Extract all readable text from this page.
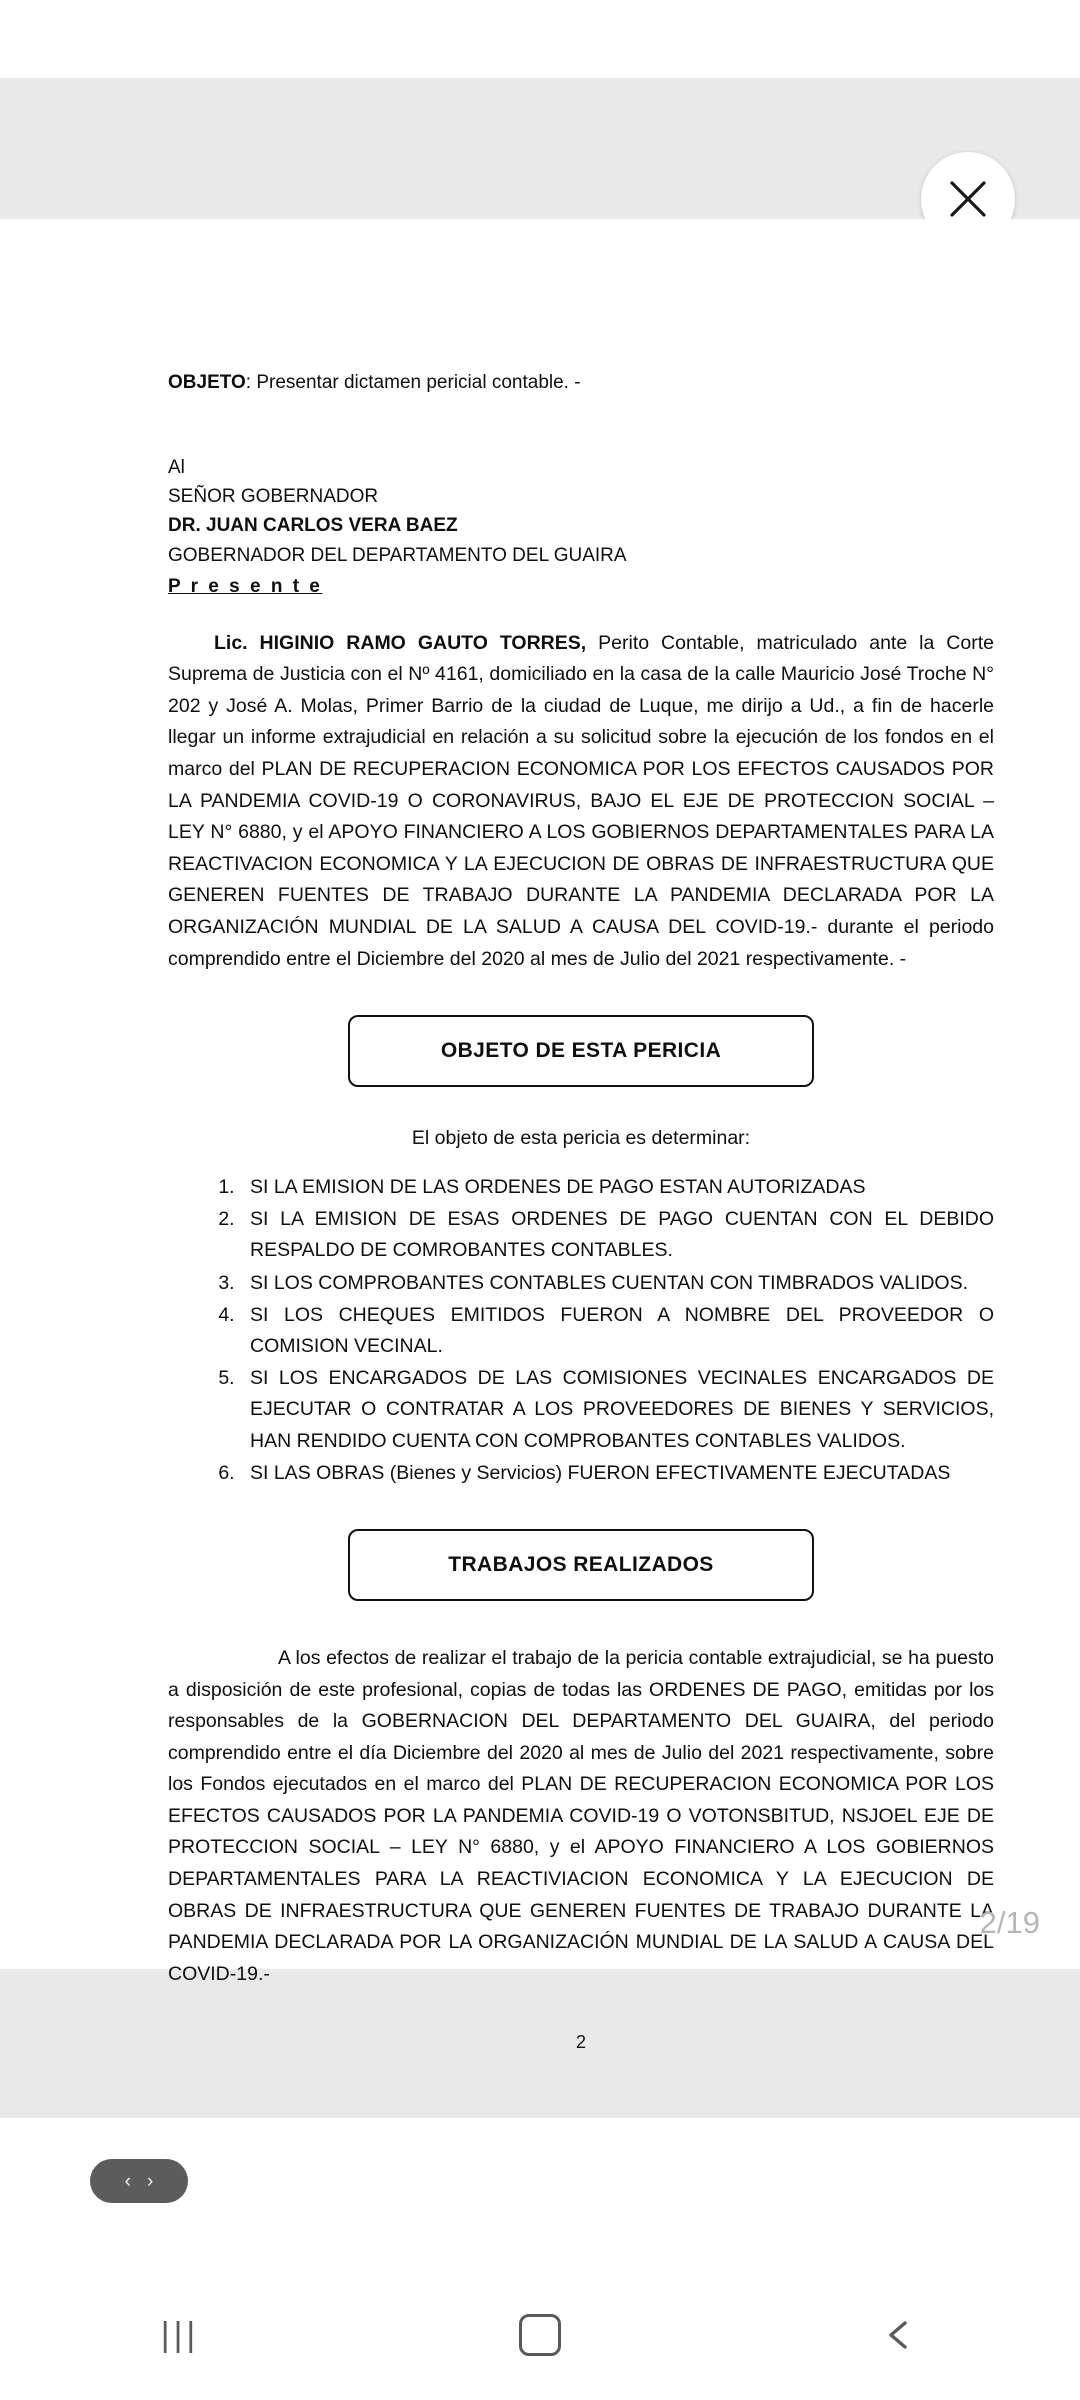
OBJETO: Presentar dictamen pericial contable. -
Al
SEÑOR GOBERNADOR
DR. JUAN CARLOS VERA BAEZ
GOBERNADOR DEL DEPARTAMENTO DEL GUAIRA
P r e s e n t e

Lic. HIGINIO RAMO GAUTO TORRES, Perito Contable, matriculado ante la Corte Suprema de Justicia con el Nº 4161, domiciliado en la casa de la calle Mauricio José Troche N° 202 y José A. Molas, Primer Barrio de la ciudad de Luque, me dirijo a Ud., a fin de hacerle llegar un informe extrajudicial en relación a su solicitud sobre la ejecución de los fondos en el marco del PLAN DE RECUPERACION ECONOMICA POR LOS EFECTOS CAUSADOS POR LA PANDEMIA COVID-19 O CORONAVIRUS, BAJO EL EJE DE PROTECCION SOCIAL – LEY N° 6880, y el APOYO FINANCIERO A LOS GOBIERNOS DEPARTAMENTALES PARA LA REACTIVACION ECONOMICA Y LA EJECUCION DE OBRAS DE INFRAESTRUCTURA QUE GENEREN FUENTES DE TRABAJO DURANTE LA PANDEMIA DECLARADA POR LA ORGANIZACIÓN MUNDIAL DE LA SALUD A CAUSA DEL COVID-19.- durante el periodo comprendido entre el Diciembre del 2020 al mes de Julio del 2021 respectivamente. -

OBJETO DE ESTA PERICIA
El objeto de esta pericia es determinar:
1. SI LA EMISION DE LAS ORDENES DE PAGO ESTAN AUTORIZADAS
2. SI LA EMISION DE ESAS ORDENES DE PAGO CUENTAN CON EL DEBIDO RESPALDO DE COMROBANTES CONTABLES.
3. SI LOS COMPROBANTES CONTABLES CUENTAN CON TIMBRADOS VALIDOS.
4. SI LOS CHEQUES EMITIDOS FUERON A NOMBRE DEL PROVEEDOR O COMISION VECINAL.
5. SI LOS ENCARGADOS DE LAS COMISIONES VECINALES ENCARGADOS DE EJECUTAR O CONTRATAR A LOS PROVEEDORES DE BIENES Y SERVICIOS, HAN RENDIDO CUENTA CON COMPROBANTES CONTABLES VALIDOS.
6. SI LAS OBRAS (Bienes y Servicios) FUERON EFECTIVAMENTE EJECUTADAS
TRABAJOS REALIZADOS

A los efectos de realizar el trabajo de la pericia contable extrajudicial, se ha puesto a disposición de este profesional, copias de todas las ORDENES DE PAGO, emitidas por los responsables de la GOBERNACION DEL DEPARTAMENTO DEL GUAIRA, del periodo comprendido entre el día Diciembre del 2020 al mes de Julio del 2021 respectivamente, sobre los Fondos ejecutados en el marco del PLAN DE RECUPERACION ECONOMICA POR LOS EFECTOS CAUSADOS POR LA PANDEMIA COVID-19 O VOTONSBITUD, NSJOEL EJE DE PROTECCION SOCIAL – LEY N° 6880, y el APOYO FINANCIERO A LOS GOBIERNOS DEPARTAMENTALES PARA LA REACTIVIACION ECONOMICA Y LA EJECUCION DE OBRAS DE INFRAESTRUCTURA QUE GENEREN FUENTES DE TRABAJO DURANTE LA PANDEMIA DECLARADA POR LA ORGANIZACIÓN MUNDIAL DE LA SALUD A CAUSA DEL COVID-19.-

2
2/19
‹ ›
|||
